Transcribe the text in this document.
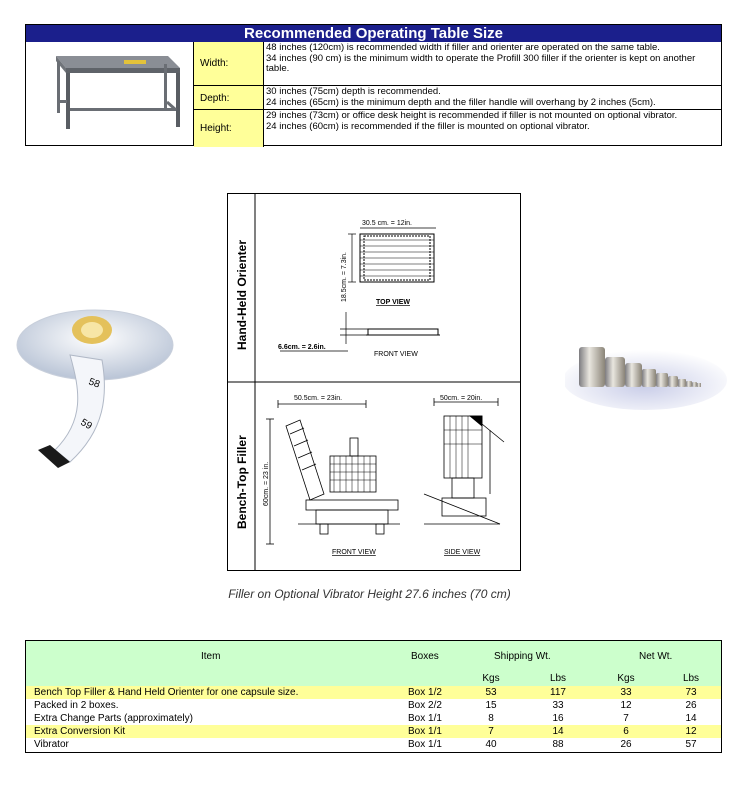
Recommended Operating Table Size
Width:
48 inches (120cm) is recommended width if filler and orienter are operated on the same table.
34 inches (90 cm) is the minimum width to operate the Profill 300 filler if the orienter is kept on another table.
Depth:
30 inches (75cm) depth is recommended.
24 inches (65cm) is the minimum depth and the filler handle will overhang by 2 inches (5cm).
Height:
29 inches (73cm) or office desk height is recommended if filler is not mounted on optional vibrator.
24 inches (60cm) is recommended if the filler is mounted on optional vibrator.
58
59
30.5 cm. = 12in.
18.5cm. = 7.3in.
TOP VIEW
6.6cm. = 2.6in.
FRONT VIEW
50.5cm. = 23in.	50cm. = 20in.
60cm. = 23 in.
FRONT VIEW	SIDE VIEW
Hand-Held Orienter
Bench-Top Filler
Filler on Optional Vibrator Height 27.6 inches (70 cm)
Item	Boxes	Shipping Wt.	Net Wt.
Kgs	Lbs	Kgs	Lbs
Bench Top Filler & Hand Held Orienter for one capsule size.	Box 1/2	53	117	33	73
Packed in 2 boxes.	Box 2/2	15	33	12	26
Extra Change Parts (approximately)	Box 1/1	8	16	7	14
Extra Conversion Kit	Box 1/1	7	14	6	12
Vibrator	Box 1/1	40	88	26	57
